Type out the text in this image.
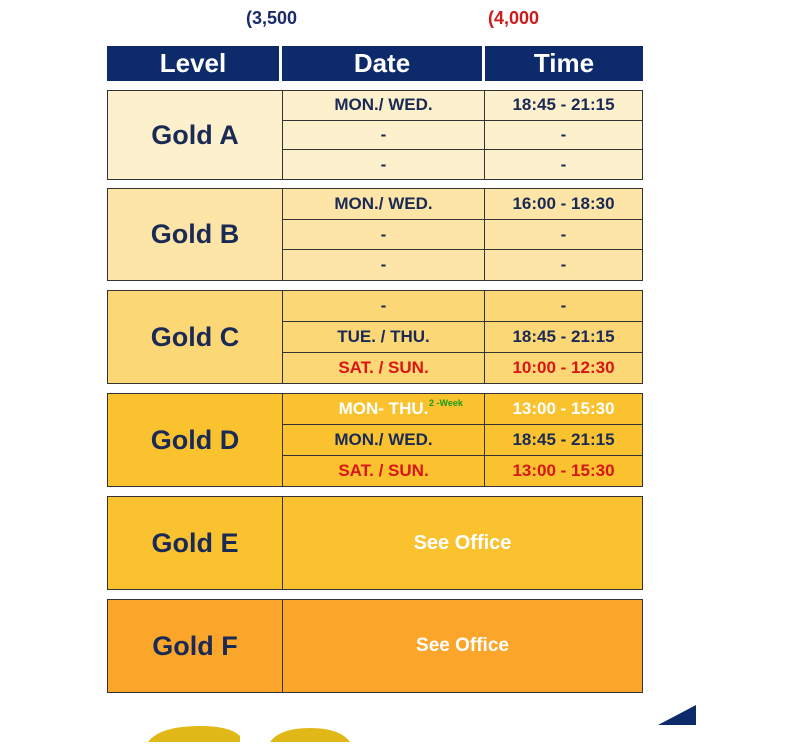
(3,500	(4,000
Level	Date	Time
Gold A
MON./ WED.	18:45 - 21:15
-	-
-	-
Gold B
MON./ WED.	16:00 - 18:30
-	-
-	-
Gold C
-	-
TUE. / THU.	18:45 - 21:15
SAT. / SUN.	10:00 - 12:30
Gold D
MON- THU. 2 -Week	13:00 - 15:30
MON./ WED.	18:45 - 21:15
SAT. / SUN.	13:00 - 15:30
Gold E	See Office
Gold F	See Office
